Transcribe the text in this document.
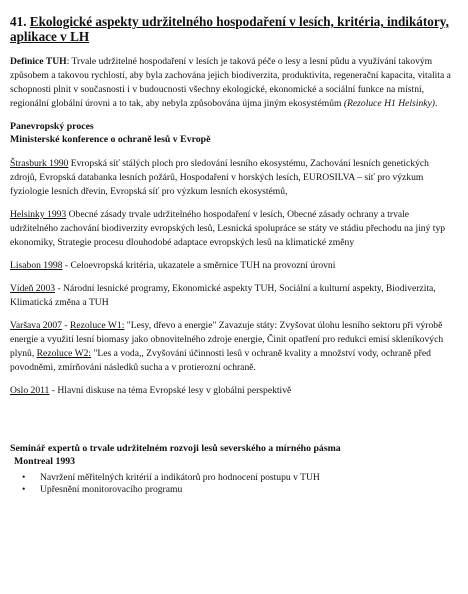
41. Ekologické aspekty udržitelného hospodaření v lesích, kritéria, indikátory, aplikace v LH

Definice TUH: Trvale udržitelné hospodaření v lesích je taková péče o lesy a lesní půdu a využívání takovým způsobem a takovou rychlostí, aby byla zachována jejich biodiverzita, produktivita, regenerační kapacita, vitalita a schopnosti plnit v současnosti i v budoucnosti všechny ekologické, ekonomické a sociální funkce na místní, regionální globální úrovni a to tak, aby nebyla způsobována újma jiným ekosystémům (Rezoluce H1 Helsinky).

Panevropský proces
Ministerské konference o ochraně lesů v Evropě

Štrasburk 1990 Evropská síť stálých ploch pro sledování lesního ekosystému, Zachování lesních genetických zdrojů, Evropská databanka lesních požárů, Hospodaření v horských lesích, EUROSILVA – síť pro výzkum fyziologie lesních dřevin, Evropská síť pro výzkum lesních ekosystémů,

Helsinky 1993 Obecné zásady trvale udržitelného hospodaření v lesích, Obecné zásady ochrany a trvale udržitelného zachování biodiverzity evropských lesů, Lesnická spolupráce se státy ve stádiu přechodu na jiný typ ekonomiky, Strategie procesu dlouhodobé adaptace evropských lesů na klimatické změny

Lisabon 1998 - Celoevropská kritéria, ukazatele a směrnice TUH na provozní úrovni

Vídeň 2003 - Národní lesnické programy, Ekonomické aspekty TUH, Sociální a kulturní aspekty, Biodiverzita, Klimatická změna a TUH

Varšava 2007 - Rezoluce W1: "Lesy, dřevo a energie" Zavazuje státy: Zvyšovat úlohu lesního sektoru při výrobě energie a využití lesní biomasy jako obnovitelného zdroje energie, Činit opatření pro redukci emisí skleníkových plynů, Rezoluce W2: "Les a voda,, Zvyšování účinnosti lesů v ochraně kvality a množství vody, ochraně před povodněmi, zmírňování následků sucha a v protierozní ochraně.

Oslo 2011 - Hlavní diskuse na téma Evropské lesy v globální perspektivě

Seminář expertů o trvale udržitelném rozvoji lesů severského a mírného pásma
Montreal 1993
• Navržení měřitelných kritérií a indikátorů pro hodnocení postupu v TUH
• Upřesnění monitorovacího programu
